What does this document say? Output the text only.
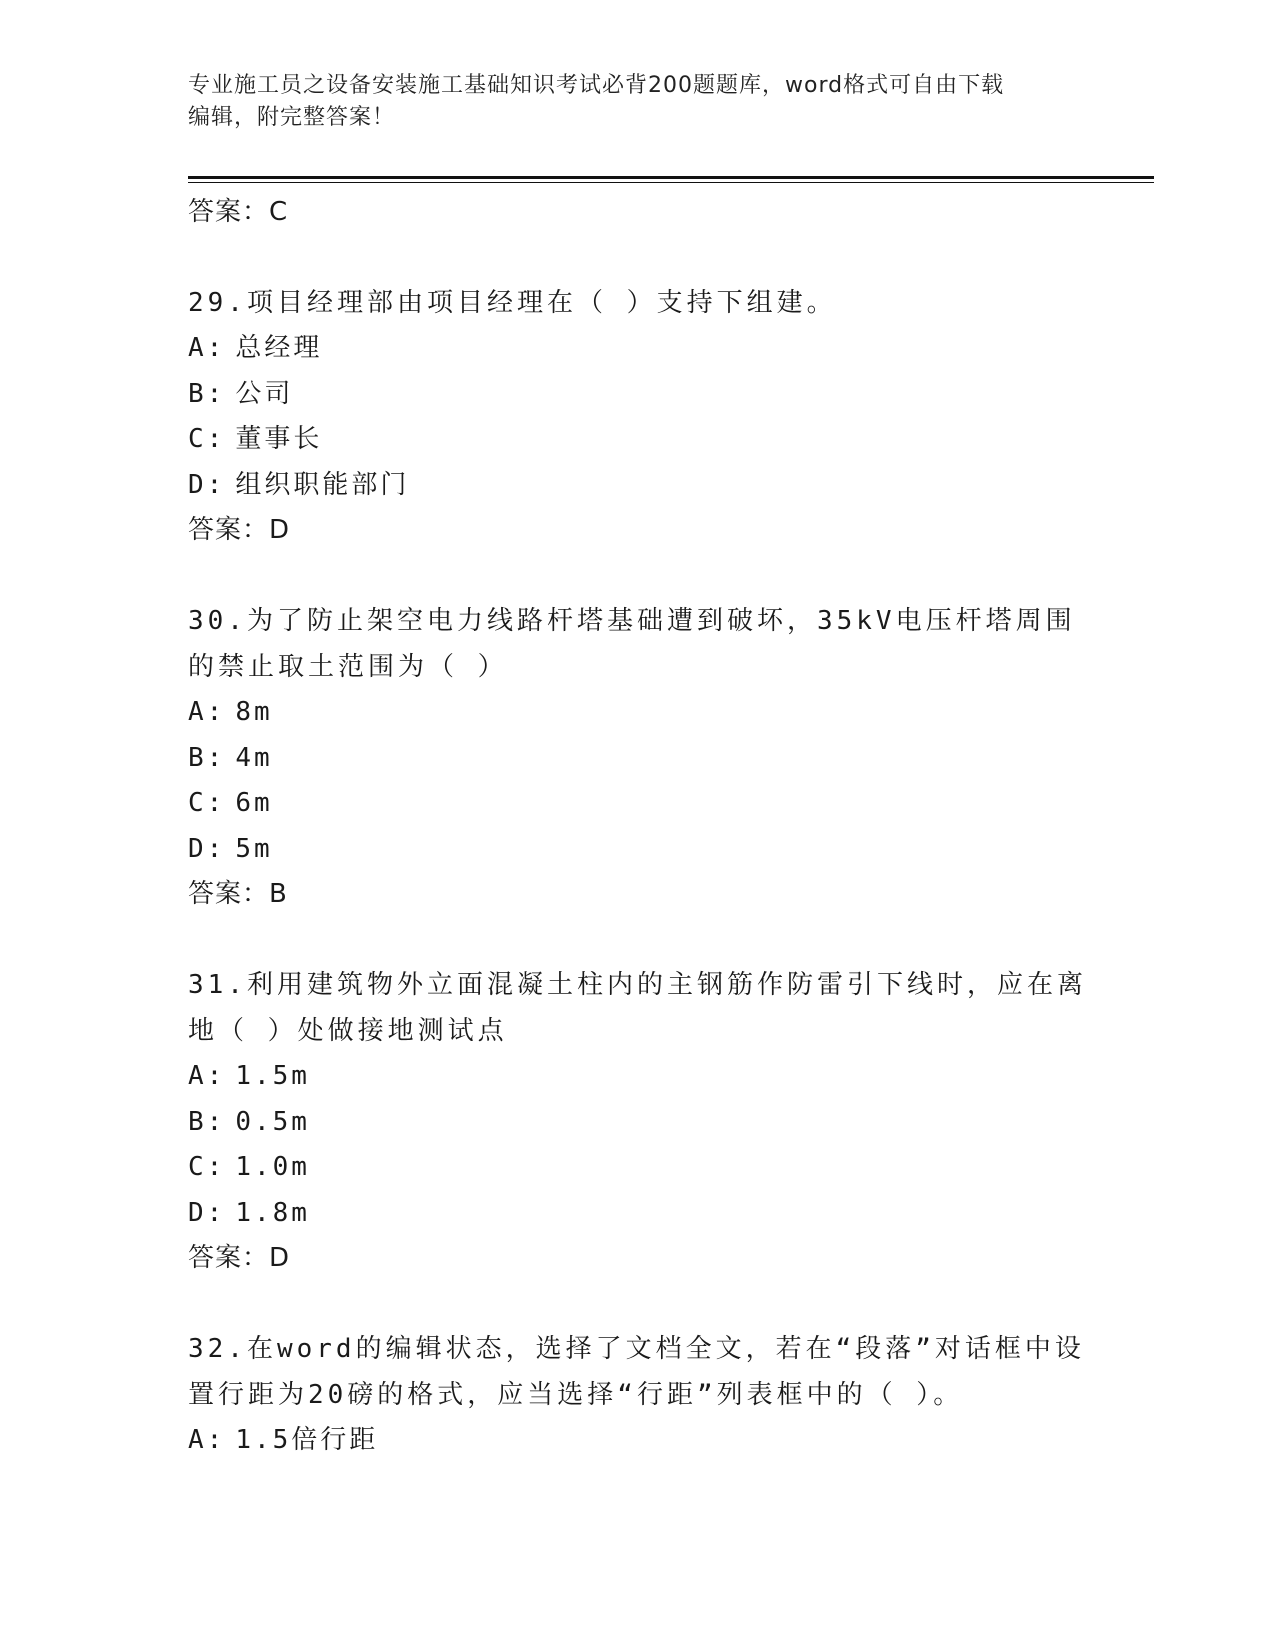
专业施工员之设备安装施工基础知识考试必背200题题库，word格式可自由下载
编辑，附完整答案！
答案：C
29.项目经理部由项目经理在（ ）支持下组建。
A: 总经理
B: 公司
C: 董事长
D: 组织职能部门
答案：D
30.为了防止架空电力线路杆塔基础遭到破坏，35kV电压杆塔周围的禁止取土范围为（ ）
A: 8m
B: 4m
C: 6m
D: 5m
答案：B
31.利用建筑物外立面混凝土柱内的主钢筋作防雷引下线时，应在离地（ ）处做接地测试点
A: 1.5m
B: 0.5m
C: 1.0m
D: 1.8m
答案：D
32.在word的编辑状态，选择了文档全文，若在“段落”对话框中设置行距为20磅的格式，应当选择“行距”列表框中的（ ）。
A: 1.5倍行距
